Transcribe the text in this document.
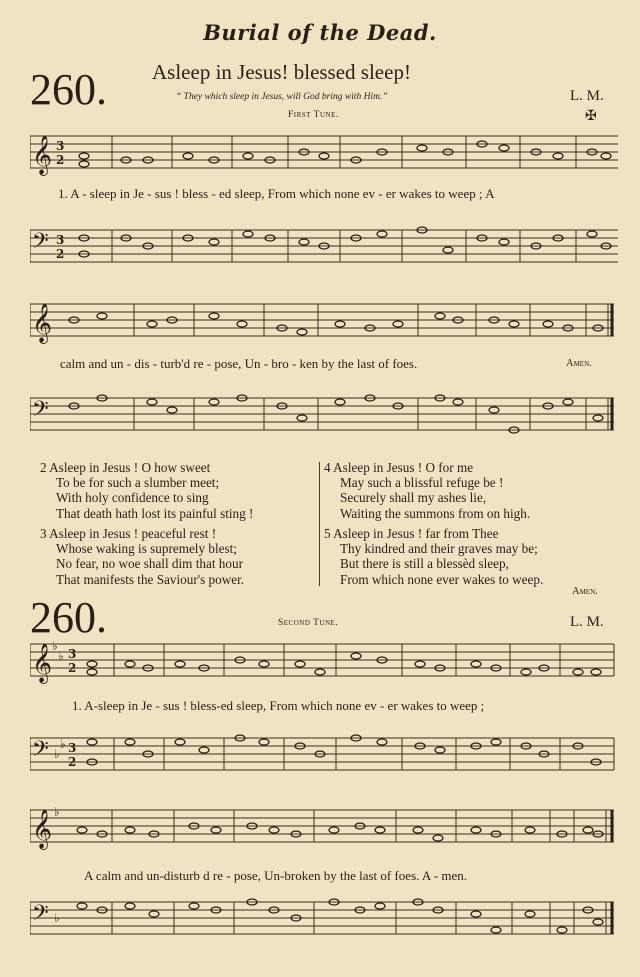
Burial of the Dead.
260. Asleep in Jesus! blessed sleep!
“ They which sleep in Jesus, will God bring with Him.”	L. M.
First Tune.	✠
𝄞 3
2
1. A - sleep in Je - sus ! bless - ed sleep, From which none ev - er wakes to weep ; A
𝄢 3
2
𝄞
calm and un - dis - turb'd re - pose, Un - bro - ken by the last of foes.	Amen.
𝄢
2 Asleep in Jesus ! O how sweet
To be for such a slumber meet;
With holy confidence to sing
That death hath lost its painful sting !
3 Asleep in Jesus ! peaceful rest !
Whose waking is supremely blest;
No fear, no woe shall dim that hour
That manifests the Saviour's power.
4 Asleep in Jesus ! O for me
May such a blissful refuge be !
Securely shall my ashes lie,
Waiting the summons from on high.
5 Asleep in Jesus ! far from Thee
Thy kindred and their graves may be;
But there is still a blessèd sleep,
From which none ever wakes to weep.
Amen.
260.	Second Tune.	L. M.
𝄞 ♭
♭ 3
2
1. A-sleep in Je - sus ! bless-ed sleep, From which none ev - er wakes to weep ;
𝄢 ♭
♭ 3
2
𝄞 ♭
A calm and un-disturb d re - pose, Un-broken by the last of foes. A - men.
𝄢 ♭
